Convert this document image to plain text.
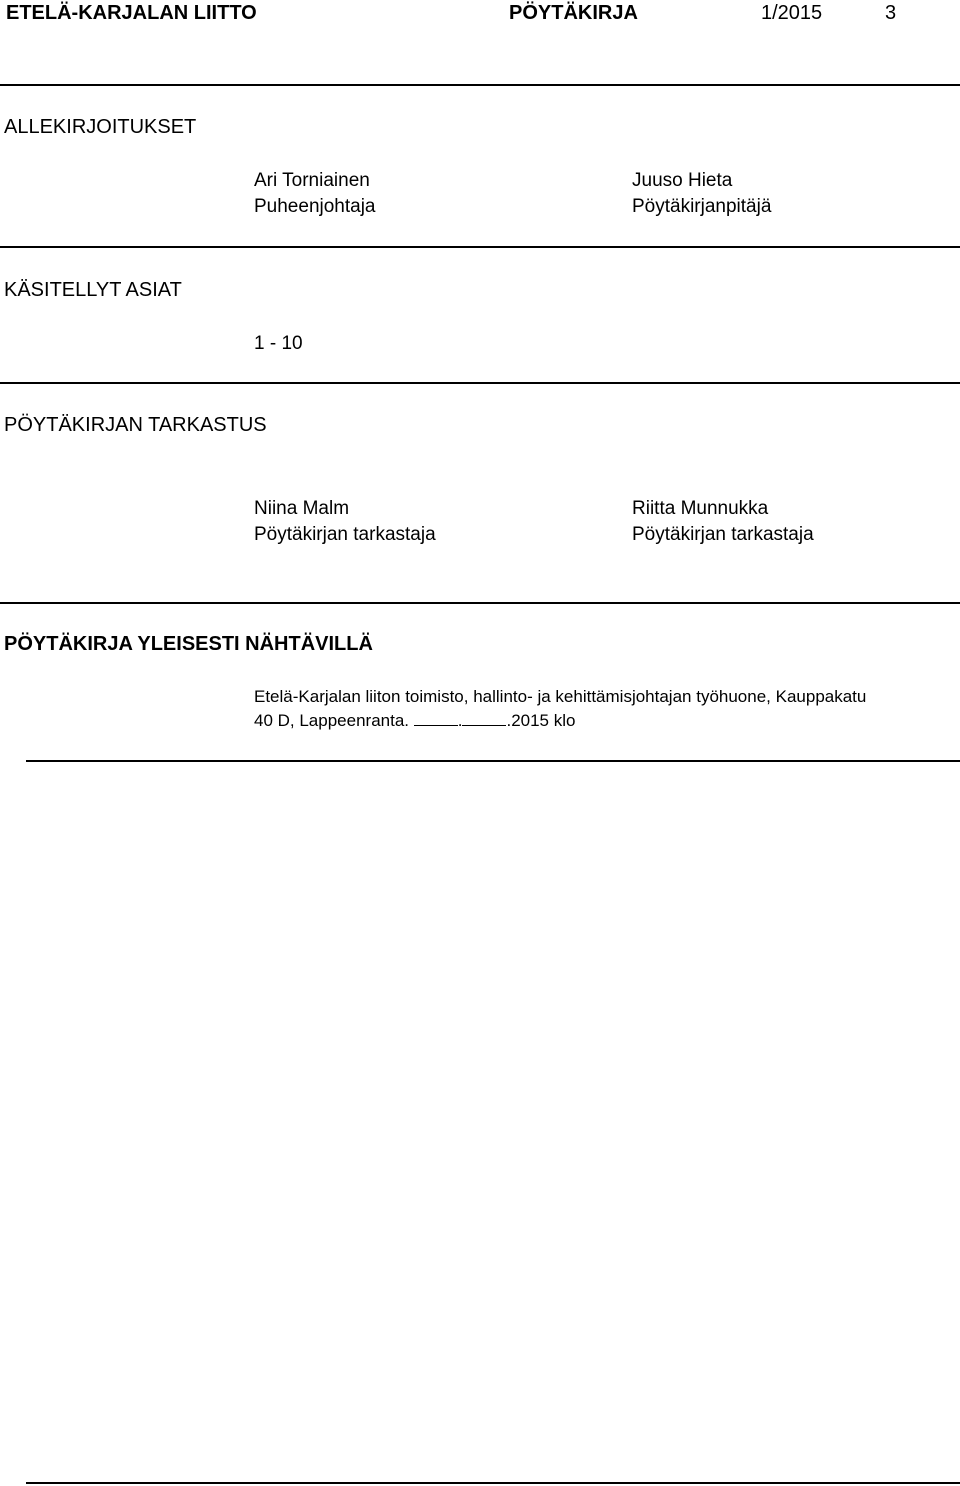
ETELÄ-KARJALAN LIITTO	PÖYTÄKIRJA	1/2015	3
ALLEKIRJOITUKSET
Ari Torniainen
Puheenjohtaja
Juuso Hieta
Pöytäkirjanpitäjä
KÄSITELLYT ASIAT
1 - 10
PÖYTÄKIRJAN TARKASTUS
Niina Malm
Pöytäkirjan tarkastaja
Riitta Munnukka
Pöytäkirjan tarkastaja
PÖYTÄKIRJA YLEISESTI NÄHTÄVILLÄ
Etelä-Karjalan liiton toimisto, hallinto- ja kehittämisjohtajan työhuone, Kauppakatu
40 D, Lappeenranta.	.	.2015 klo
